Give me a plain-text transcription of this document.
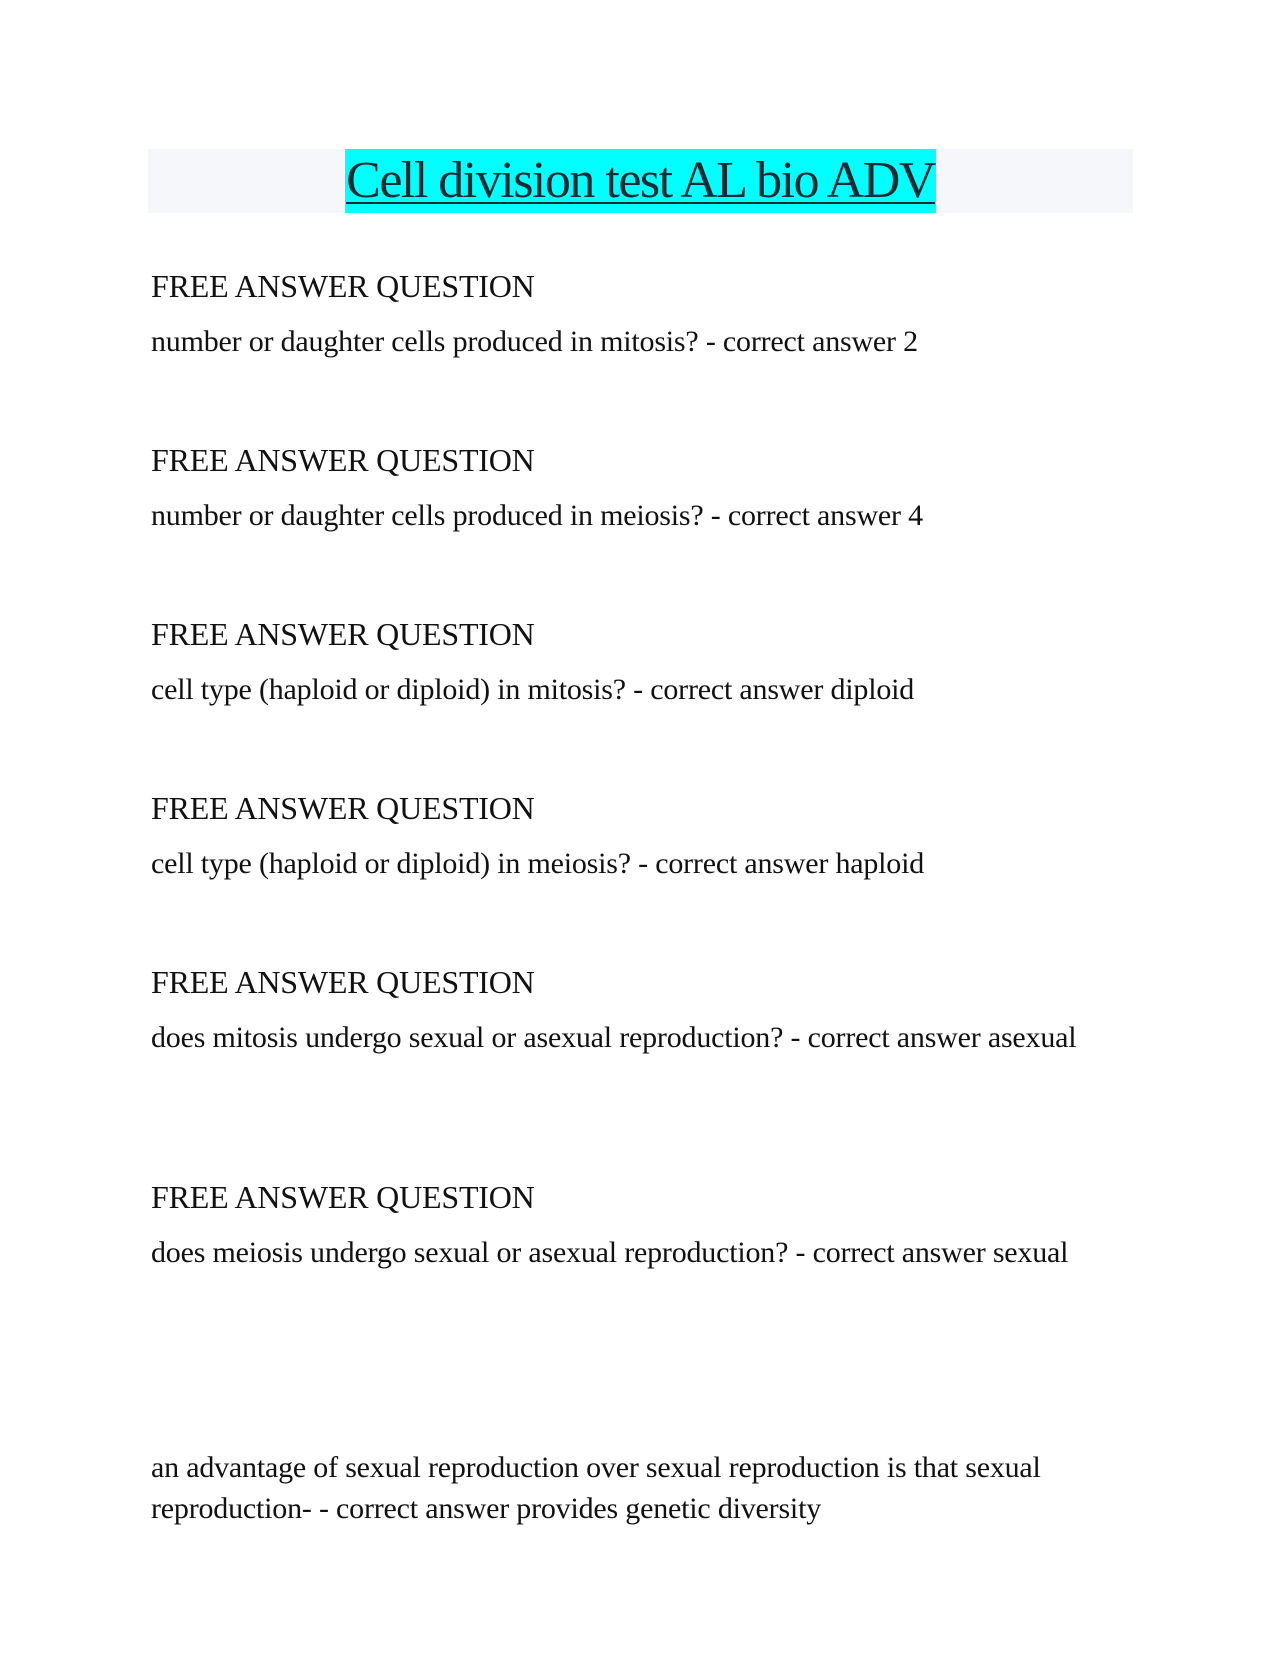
Cell division test AL bio ADV
FREE ANSWER QUESTION
number or daughter cells produced in mitosis? - correct answer 2
FREE ANSWER QUESTION
number or daughter cells produced in meiosis? - correct answer 4
FREE ANSWER QUESTION
cell type (haploid or diploid) in mitosis? - correct answer diploid
FREE ANSWER QUESTION
cell type (haploid or diploid) in meiosis? - correct answer haploid
FREE ANSWER QUESTION
does mitosis undergo sexual or asexual reproduction? - correct answer asexual
FREE ANSWER QUESTION
does meiosis undergo sexual or asexual reproduction? - correct answer sexual
an advantage of sexual reproduction over sexual reproduction is that sexual reproduction- - correct answer provides genetic diversity
